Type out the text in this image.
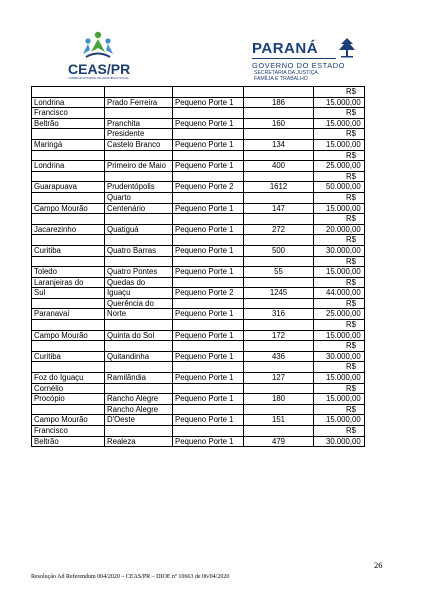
CEAS/PR
CONSELHO ESTADUAL DE ASSISTÊNCIA SOCIAL
PARANÁ
GOVERNO DO ESTADO
SECRETARIA DA JUSTIÇA,
FAMÍLIA E TRABALHO
				R$
Londrina	Prado Ferreira	Pequeno Porte 1	186	15.000,00
Francisco				R$
Beltrão	Pranchita	Pequeno Porte 1	160	15.000,00
	Presidente			R$
Maringá	Castelo Branco	Pequeno Porte 1	134	15.000,00
				R$
Londrina	Primeiro de Maio	Pequeno Porte 1	400	25.000,00
				R$
Guarapuava	Prudentópolis	Pequeno Porte 2	1612	50.000,00
	Quarto			R$
Campo Mourão	Centenário	Pequeno Porte 1	147	15.000,00
				R$
Jacarezinho	Quatiguá	Pequeno Porte 1	272	20.000,00
				R$
Curitiba	Quatro Barras	Pequeno Porte 1	500	30.000,00
				R$
Toledo	Quatro Pontes	Pequeno Porte 1	55	15.000,00
Laranjeiras do	Quedas do			R$
Sul	Iguaçu	Pequeno Porte 2	1245	44.000,00
	Querência do			R$
Paranavaí	Norte	Pequeno Porte 1	316	25.000,00
				R$
Campo Mourão	Quinta do Sol	Pequeno Porte 1	172	15.000,00
				R$
Curitiba	Quitandinha	Pequeno Porte 1	436	30.000,00
				R$
Foz do Iguaçu	Ramilândia	Pequeno Porte 1	127	15.000,00
Cornélio				R$
Procópio	Rancho Alegre	Pequeno Porte 1	180	15.000,00
	Rancho Alegre			R$
Campo Mourão	D'Oeste	Pequeno Porte 1	151	15.000,00
Francisco				R$
Beltrão	Realeza	Pequeno Porte 1	479	30.000,00
26
Resolução Ad Referendum 004/2020 – CEAS/PR – DIOE nº 10663 de 06/04/2020
